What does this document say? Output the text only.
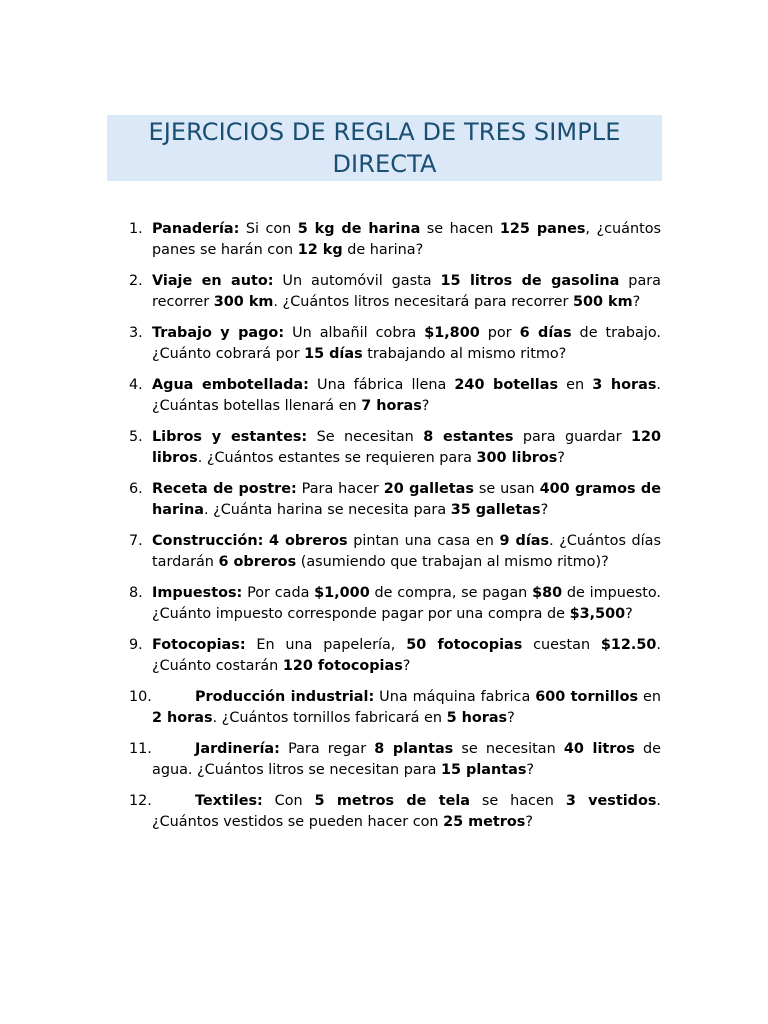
EJERCICIOS DE REGLA DE TRES SIMPLE DIRECTA
1. Panadería: Si con 5 kg de harina se hacen 125 panes, ¿cuántos panes se harán con 12 kg de harina?
2. Viaje en auto: Un automóvil gasta 15 litros de gasolina para recorrer 300 km. ¿Cuántos litros necesitará para recorrer 500 km?
3. Trabajo y pago: Un albañil cobra $1,800 por 6 días de trabajo. ¿Cuánto cobrará por 15 días trabajando al mismo ritmo?
4. Agua embotellada: Una fábrica llena 240 botellas en 3 horas. ¿Cuántas botellas llenará en 7 horas?
5. Libros y estantes: Se necesitan 8 estantes para guardar 120 libros. ¿Cuántos estantes se requieren para 300 libros?
6. Receta de postre: Para hacer 20 galletas se usan 400 gramos de harina. ¿Cuánta harina se necesita para 35 galletas?
7. Construcción: 4 obreros pintan una casa en 9 días. ¿Cuántos días tardarán 6 obreros (asumiendo que trabajan al mismo ritmo)?
8. Impuestos: Por cada $1,000 de compra, se pagan $80 de impuesto. ¿Cuánto impuesto corresponde pagar por una compra de $3,500?
9. Fotocopias: En una papelería, 50 fotocopias cuestan $12.50. ¿Cuánto costarán 120 fotocopias?
10.	Producción industrial: Una máquina fabrica 600 tornillos en 2 horas. ¿Cuántos tornillos fabricará en 5 horas?
11.	Jardinería: Para regar 8 plantas se necesitan 40 litros de agua. ¿Cuántos litros se necesitan para 15 plantas?
12.	Textiles: Con 5 metros de tela se hacen 3 vestidos. ¿Cuántos vestidos se pueden hacer con 25 metros?
